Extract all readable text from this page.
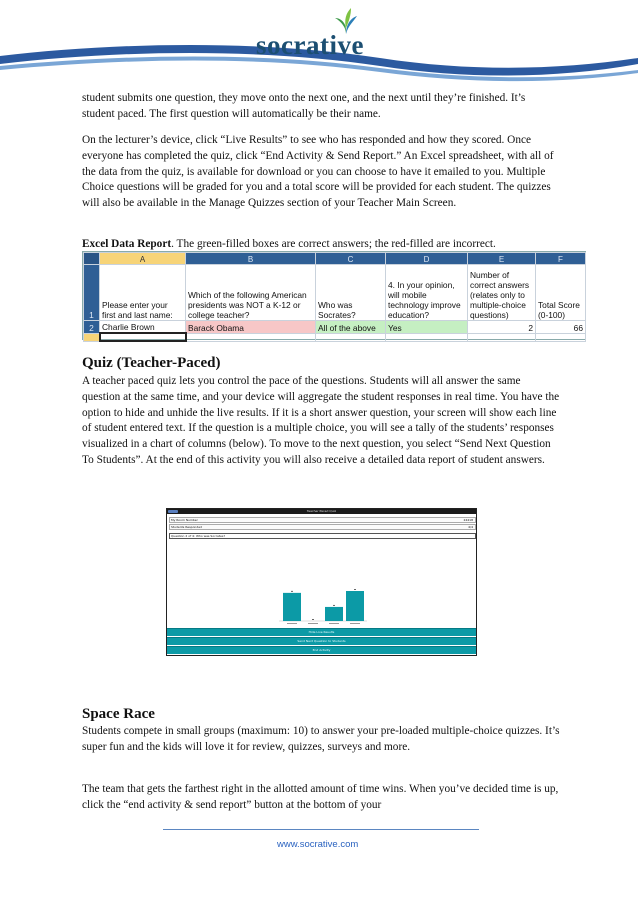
socrative

student submits one question, they move onto the next one, and the next until they’re finished. It’s student paced. The first question will automatically be their name.

On the lecturer’s device, click “Live Results” to see who has responded and how they scored. Once everyone has completed the quiz, click “End Activity & Send Report.” An Excel spreadsheet, with all of the data from the quiz, is available for download or you can choose to have it emailed to you. Multiple Choice questions will be graded for you and a total score will be provided for each student. The quizzes will also be available in the Manage Quizzes section of your Teacher Main Screen.

Excel Data Report. The green-filled boxes are correct answers; the red-filled are incorrect.

	A	B	C	D	E	F
1	Please enter your first and last name:	Which of the following American presidents was NOT a K-12 or college teacher?	Who was Socrates?	4. In your opinion, will mobile technology improve education?	Number of correct answers (relates only to multiple-choice questions)	Total Score (0-100)
2	Charlie Brown	Barack Obama	All of the above	Yes	2	66

Quiz (Teacher-Paced)

A teacher paced quiz lets you control the pace of the questions. Students will all answer the same question at the same time, and your device will aggregate the student responses in real time. You have the option to hide and unhide the live results. If it is a short answer question, your screen will show each line of student entered text. If the question is a multiple choice, you will see a tally of the students’ responses visualized in a chart of columns (below). To move to the next question, you select “Send Next Question To Students”. At the end of this activity you will also receive a detailed data report of student answers.

Teacher Paced Quiz
My Room Number	24418
Students Responded	4/4
Question 2 of 4: Who was Socrates?
Hide Live Results
Send Next Question to Students
End Activity
Space Race

Students compete in small groups (maximum: 10) to answer your pre-loaded multiple-choice quizzes. It’s super fun and the kids will love it for review, quizzes, surveys and more.

The team that gets the farthest right in the allotted amount of time wins. When you’ve decided time is up, click the “end activity & send report” button at the bottom of your

www.socrative.com
